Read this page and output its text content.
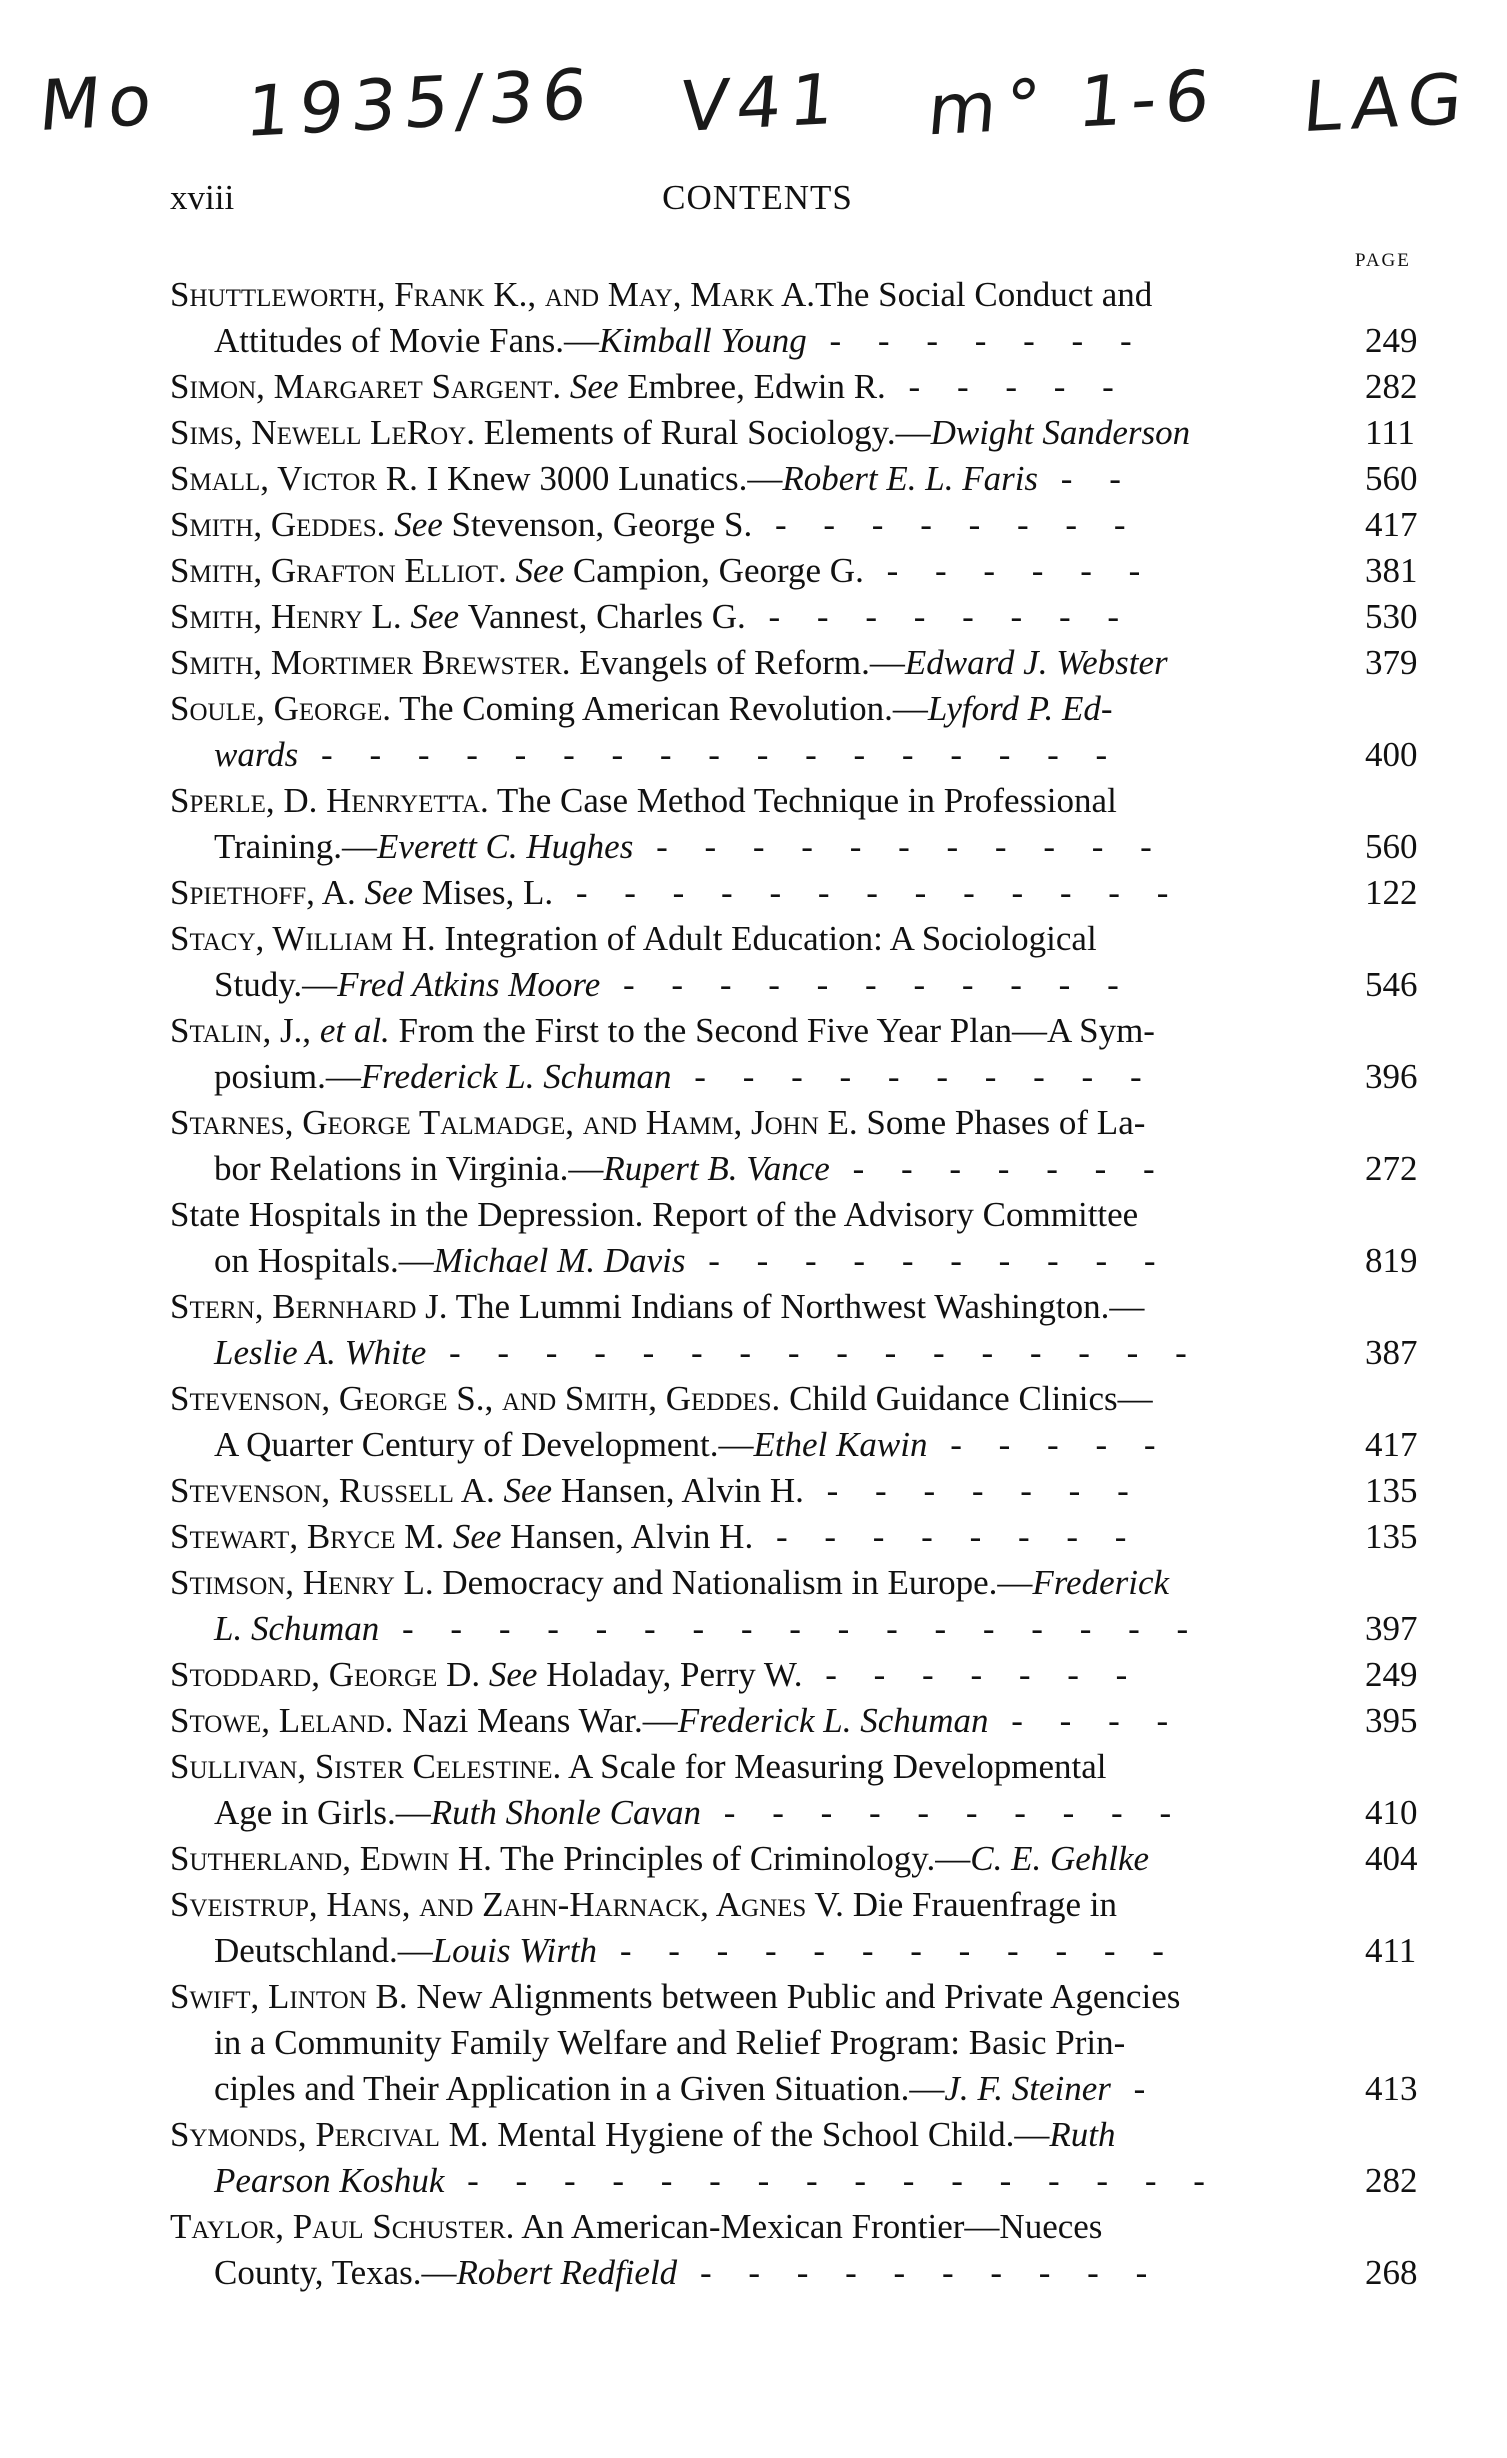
Mo 1935/36 V41 m° 1-6 LAG
xviii	CONTENTS
PAGE
Shuttleworth, Frank K., and May, Mark A.The Social Conduct and
Attitudes of Movie Fans.—Kimball Young - - - - - - -	249
Simon, Margaret Sargent. See Embree, Edwin R. - - - - -	282
Sims, Newell LeRoy. Elements of Rural Sociology.—Dwight Sanderson	111
Small, Victor R. I Knew 3000 Lunatics.—Robert E. L. Faris - -	560
Smith, Geddes. See Stevenson, George S. - - - - - - - -	417
Smith, Grafton Elliot. See Campion, George G. - - - - - -	381
Smith, Henry L. See Vannest, Charles G. - - - - - - - -	530
Smith, Mortimer Brewster. Evangels of Reform.—Edward J. Webster	379
Soule, George. The Coming American Revolution.—Lyford P. Ed-
wards - - - - - - - - - - - - - - - - -	400
Sperle, D. Henryetta. The Case Method Technique in Professional
Training.—Everett C. Hughes - - - - - - - - - - -	560
Spiethoff, A. See Mises, L. - - - - - - - - - - - - -	122
Stacy, William H. Integration of Adult Education: A Sociological
Study.—Fred Atkins Moore - - - - - - - - - - -	546
Stalin, J., et al. From the First to the Second Five Year Plan—A Sym-
posium.—Frederick L. Schuman - - - - - - - - - -	396
Starnes, George Talmadge, and Hamm, John E. Some Phases of La-
bor Relations in Virginia.—Rupert B. Vance - - - - - - -	272
State Hospitals in the Depression. Report of the Advisory Committee
on Hospitals.—Michael M. Davis - - - - - - - - - -	819
Stern, Bernhard J. The Lummi Indians of Northwest Washington.—
Leslie A. White - - - - - - - - - - - - - - - -	387
Stevenson, George S., and Smith, Geddes. Child Guidance Clinics—
A Quarter Century of Development.—Ethel Kawin - - - - -	417
Stevenson, Russell A. See Hansen, Alvin H. - - - - - - -	135
Stewart, Bryce M. See Hansen, Alvin H. - - - - - - - -	135
Stimson, Henry L. Democracy and Nationalism in Europe.—Frederick
L. Schuman - - - - - - - - - - - - - - - - -	397
Stoddard, George D. See Holaday, Perry W. - - - - - - -	249
Stowe, Leland. Nazi Means War.—Frederick L. Schuman - - - -	395
Sullivan, Sister Celestine. A Scale for Measuring Developmental
Age in Girls.—Ruth Shonle Cavan - - - - - - - - - -	410
Sutherland, Edwin H. The Principles of Criminology.—C. E. Gehlke	404
Sveistrup, Hans, and Zahn-Harnack, Agnes V. Die Frauenfrage in
Deutschland.—Louis Wirth - - - - - - - - - - - -	411
Swift, Linton B. New Alignments between Public and Private Agencies
in a Community Family Welfare and Relief Program: Basic Prin-
ciples and Their Application in a Given Situation.—J. F. Steiner -	413
Symonds, Percival M. Mental Hygiene of the School Child.—Ruth
Pearson Koshuk - - - - - - - - - - - - - - - -	282
Taylor, Paul Schuster. An American-Mexican Frontier—Nueces
County, Texas.—Robert Redfield - - - - - - - - - -	268
